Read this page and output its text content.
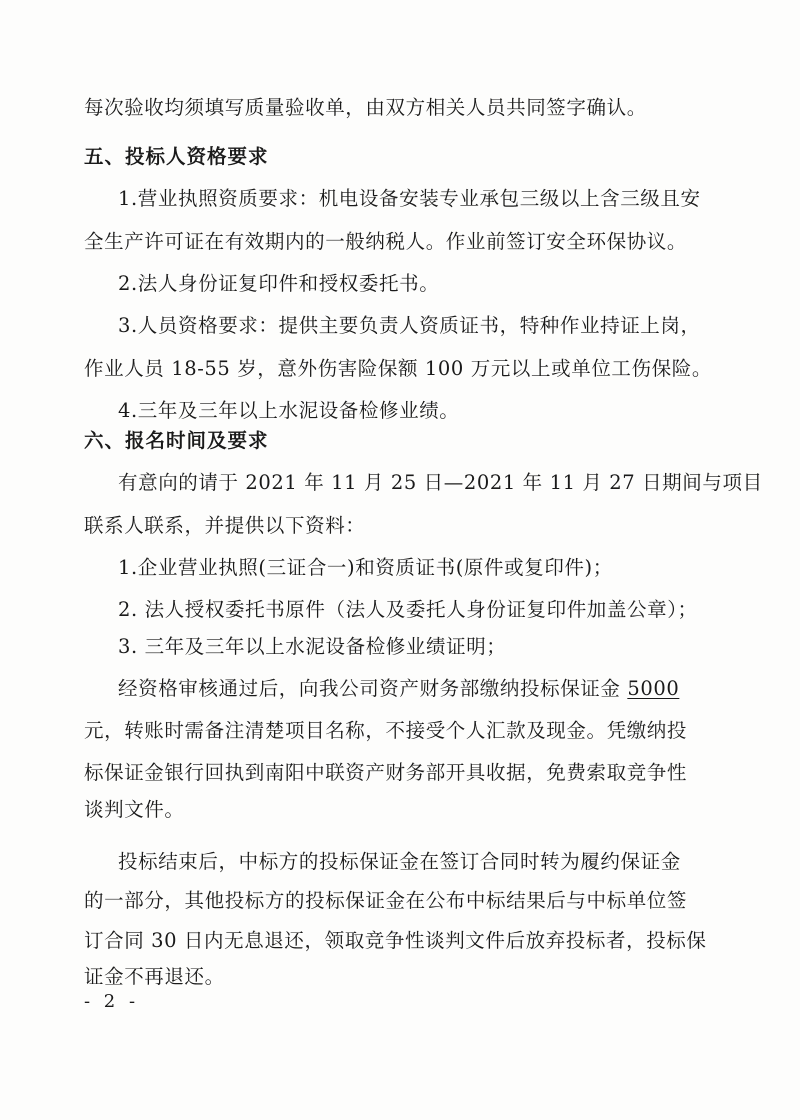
每次验收均须填写质量验收单，由双方相关人员共同签字确认。
五、投标人资格要求
1.营业执照资质要求：机电设备安装专业承包三级以上含三级且安
全生产许可证在有效期内的一般纳税人。作业前签订安全环保协议。
2.法人身份证复印件和授权委托书。
3.人员资格要求：提供主要负责人资质证书，特种作业持证上岗，
作业人员 18-55 岁，意外伤害险保额 100 万元以上或单位工伤保险。
4.三年及三年以上水泥设备检修业绩。
六、报名时间及要求
有意向的请于 2021 年 11 月 25 日—2021 年 11 月 27 日期间与项目
联系人联系，并提供以下资料：
1.企业营业执照(三证合一)和资质证书(原件或复印件)；
2. 法人授权委托书原件（法人及委托人身份证复印件加盖公章）；
3. 三年及三年以上水泥设备检修业绩证明；
经资格审核通过后，向我公司资产财务部缴纳投标保证金 5000
元，转账时需备注清楚项目名称，不接受个人汇款及现金。凭缴纳投
标保证金银行回执到南阳中联资产财务部开具收据，免费索取竞争性
谈判文件。
投标结束后，中标方的投标保证金在签订合同时转为履约保证金
的一部分，其他投标方的投标保证金在公布中标结果后与中标单位签
订合同 30 日内无息退还，领取竞争性谈判文件后放弃投标者，投标保
证金不再退还。
- 2 -
